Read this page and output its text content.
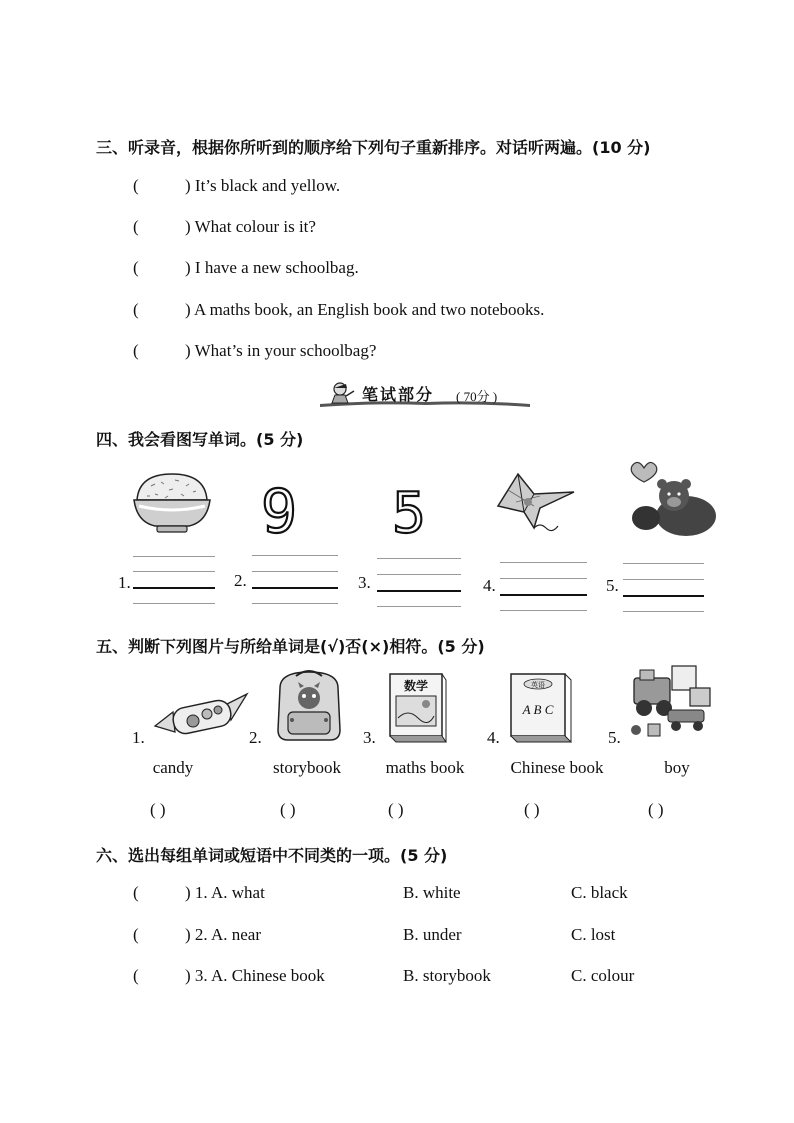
三、听录音，根据你所听到的顺序给下列句子重新排序。对话听两遍。(10 分)
(	) It’s black and yellow.
(	) What colour is it?
(	) I have a new schoolbag.
(	) A maths book, an English book and two notebooks.
(	) What’s in your schoolbag?
笔试部分 ( 70分 )
四、我会看图写单词。(5 分)
9 5
1.	2.	3.	4.	5.
五、判断下列图片与所给单词是(√)否(×)相符。(5 分)
1.	2.	3.	4.	5.
数学	英语
A B C
candy	storybook	maths book	Chinese book	boy
( )	( )	( )	( )	( )
六、选出每组单词或短语中不同类的一项。(5 分)
(	) 1. A. what	B. white	C. black
(	) 2. A. near	B. under	C. lost
(	) 3. A. Chinese book	B. storybook	C. colour
